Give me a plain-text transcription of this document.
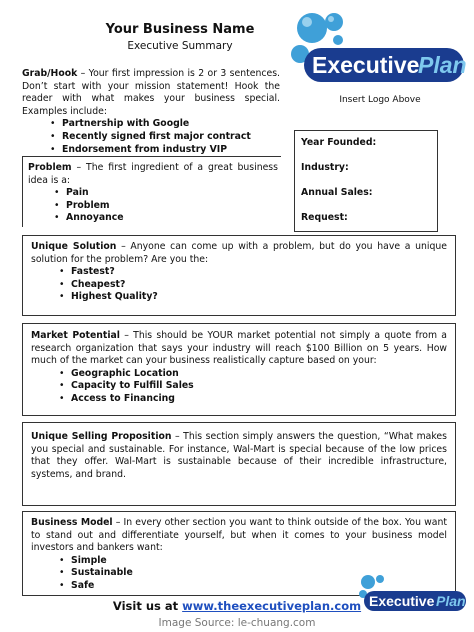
Your Business Name
Executive Summary
Executive
Plan
Insert Logo Above
Grab/Hook – Your first impression is 2 or 3 sentences. Don’t start with your mission statement! Hook the reader with what makes your business special. Examples include:
• Partnership with Google
• Recently signed first major contract
• Endorsement from industry VIP
Problem – The first ingredient of a great business idea is a:
• Pain
• Problem
• Annoyance
Year Founded:
Industry:
Annual Sales:
Request:
Unique Solution – Anyone can come up with a problem, but do you have a unique solution for the problem? Are you the:
• Fastest?
• Cheapest?
• Highest Quality?
Market Potential – This should be YOUR market potential not simply a quote from a research organization that says your industry will reach $100 Billion on 5 years. How much of the market can your business realistically capture based on your:
• Geographic Location
• Capacity to Fulfill Sales
• Access to Financing
Unique Selling Proposition – This section simply answers the question, “What makes you special and sustainable. For instance, Wal-Mart is special because of the low prices that they offer. Wal-Mart is sustainable because of their incredible infrastructure, systems, and brand.
Business Model – In every other section you want to think outside of the box. You want to stand out and differentiate yourself, but when it comes to your business model investors and bankers want:
• Simple
• Sustainable
• Safe
Executive Plan
Visit us at www.theexecutiveplan.com
Image Source: le-chuang.com
